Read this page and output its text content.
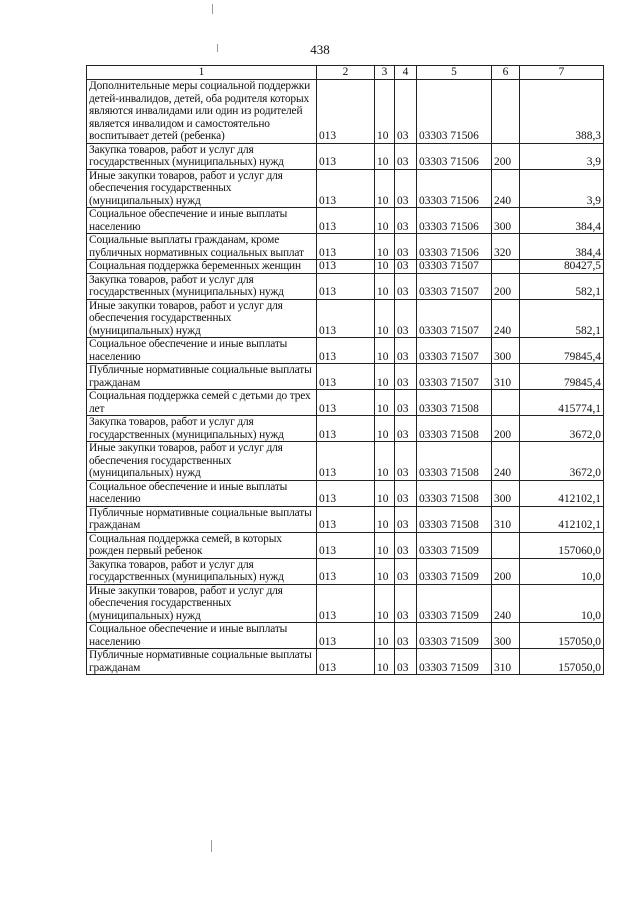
438
1	2	3	4	5	6	7
Дополнительные меры социальной поддержки детей-инвалидов, детей, оба родителя которых являются инвалидами или один из родителей является инвалидом и самостоятельно воспитывает детей (ребенка)	013	10	03	03303 71506		388,3
Закупка товаров, работ и услуг для государственных (муниципальных) нужд	013	10	03	03303 71506	200	3,9
Иные закупки товаров, работ и услуг для обеспечения государственных (муниципальных) нужд	013	10	03	03303 71506	240	3,9
Социальное обеспечение и иные выплаты населению	013	10	03	03303 71506	300	384,4
Социальные выплаты гражданам, кроме публичных нормативных социальных выплат	013	10	03	03303 71506	320	384,4
Социальная поддержка беременных женщин	013	10	03	03303 71507		80427,5
Закупка товаров, работ и услуг для государственных (муниципальных) нужд	013	10	03	03303 71507	200	582,1
Иные закупки товаров, работ и услуг для обеспечения государственных (муниципальных) нужд	013	10	03	03303 71507	240	582,1
Социальное обеспечение и иные выплаты населению	013	10	03	03303 71507	300	79845,4
Публичные нормативные социальные выплаты гражданам	013	10	03	03303 71507	310	79845,4
Социальная поддержка семей с детьми до трех лет	013	10	03	03303 71508		415774,1
Закупка товаров, работ и услуг для государственных (муниципальных) нужд	013	10	03	03303 71508	200	3672,0
Иные закупки товаров, работ и услуг для обеспечения государственных (муниципальных) нужд	013	10	03	03303 71508	240	3672,0
Социальное обеспечение и иные выплаты населению	013	10	03	03303 71508	300	412102,1
Публичные нормативные социальные выплаты гражданам	013	10	03	03303 71508	310	412102,1
Социальная поддержка семей, в которых рожден первый ребенок	013	10	03	03303 71509		157060,0
Закупка товаров, работ и услуг для государственных (муниципальных) нужд	013	10	03	03303 71509	200	10,0
Иные закупки товаров, работ и услуг для обеспечения государственных (муниципальных) нужд	013	10	03	03303 71509	240	10,0
Социальное обеспечение и иные выплаты населению	013	10	03	03303 71509	300	157050,0
Публичные нормативные социальные выплаты гражданам	013	10	03	03303 71509	310	157050,0
